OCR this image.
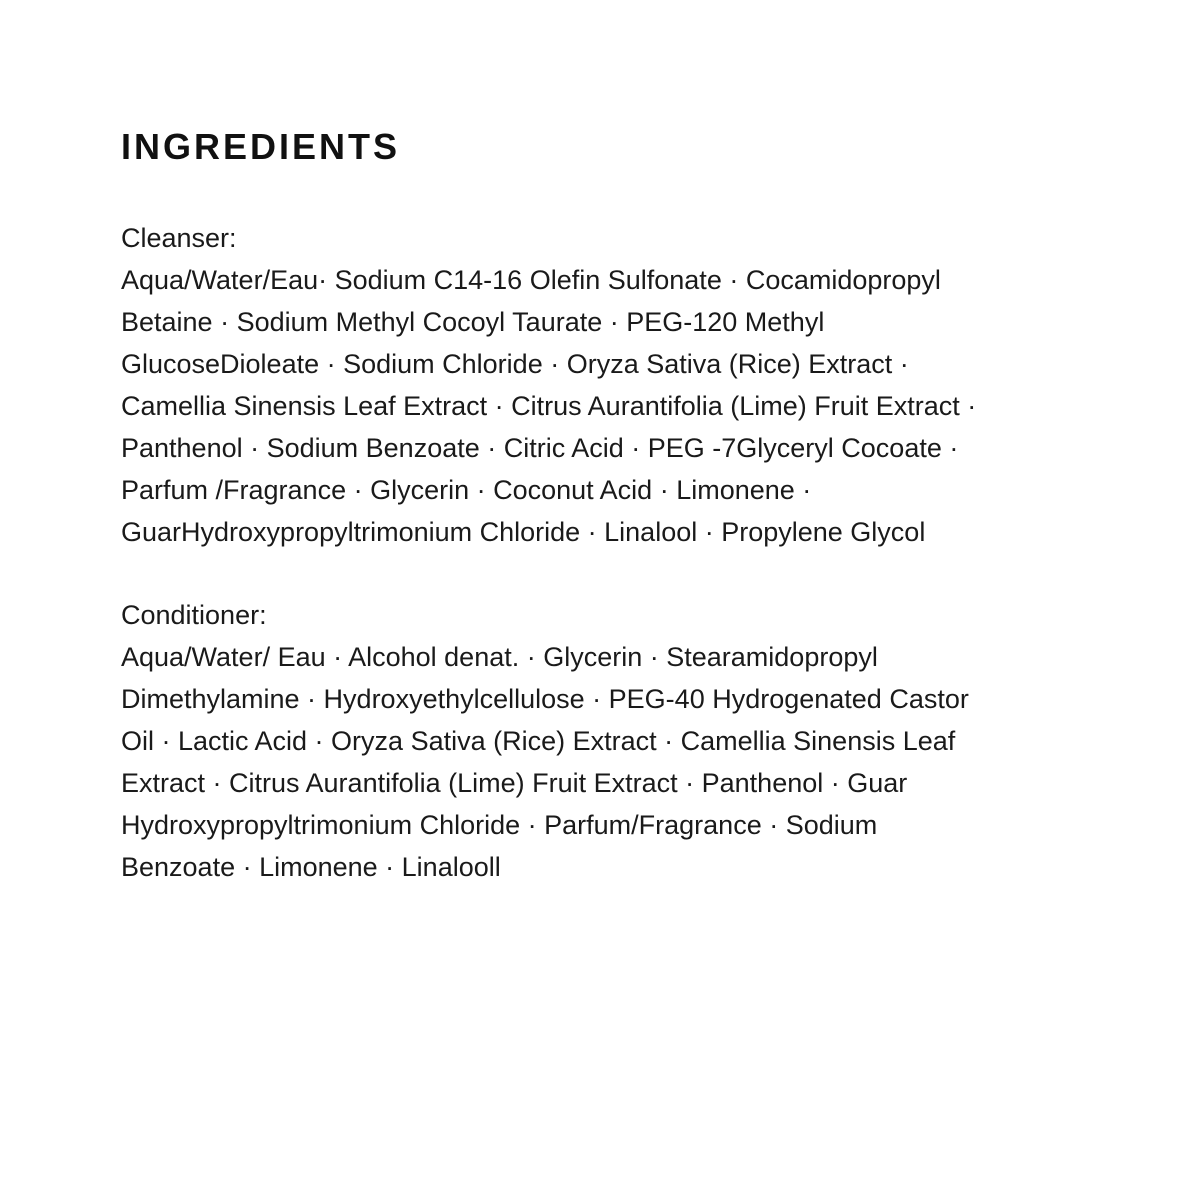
INGREDIENTS

Cleanser:

Aqua/Water/Eau· Sodium C14-16 Olefin Sulfonate · Cocamidopropyl

Betaine · Sodium Methyl Cocoyl Taurate · PEG-120 Methyl

GlucoseDioleate · Sodium Chloride · Oryza Sativa (Rice) Extract ·

Camellia Sinensis Leaf Extract · Citrus Aurantifolia (Lime) Fruit Extract ·

Panthenol · Sodium Benzoate · Citric Acid · PEG -7Glyceryl Cocoate ·

Parfum /Fragrance · Glycerin · Coconut Acid · Limonene ·

GuarHydroxypropyltrimonium Chloride · Linalool · Propylene Glycol

Conditioner:

Aqua/Water/ Eau · Alcohol denat. · Glycerin · Stearamidopropyl

Dimethylamine · Hydroxyethylcellulose · PEG-40 Hydrogenated Castor

Oil · Lactic Acid · Oryza Sativa (Rice) Extract · Camellia Sinensis Leaf

Extract · Citrus Aurantifolia (Lime) Fruit Extract · Panthenol · Guar

Hydroxypropyltrimonium Chloride · Parfum/Fragrance · Sodium

Benzoate · Limonene · Linalooll
